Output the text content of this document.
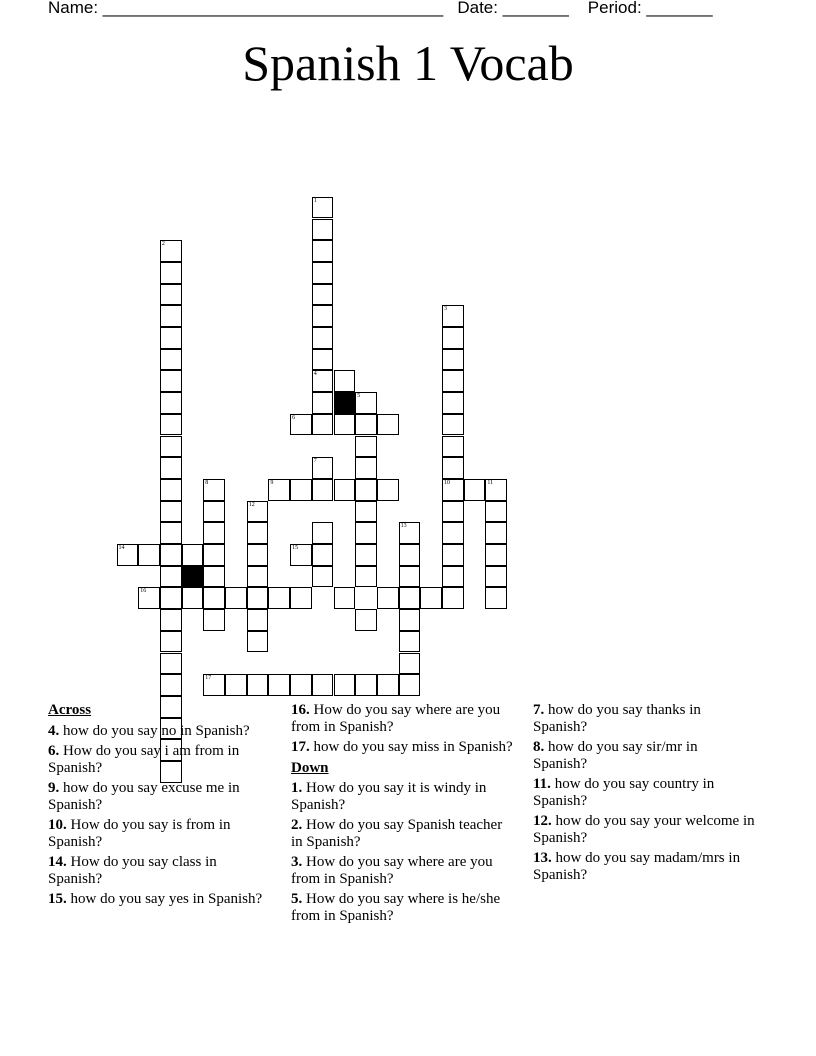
Name: ____________________________________ Date: _______ Period: _______
Spanish 1 Vocab
1
4
5
6
2
3
7
9	10	11
8
12
13
14	15
16
17
Across
4. how do you say no in Spanish?
6. How do you say i am from in Spanish?
9. how do you say excuse me in Spanish?
10. How do you say is from in Spanish?
14. How do you say class in Spanish?
15. how do you say yes in Spanish?
16. How do you say where are you from in Spanish?
17. how do you say miss in Spanish?
Down
1. How do you say it is windy in Spanish?
2. How do you say Spanish teacher in Spanish?
3. How do you say where are you from in Spanish?
5. How do you say where is he/she from in Spanish?
7. how do you say thanks in Spanish?
8. how do you say sir/mr in Spanish?
11. how do you say country in Spanish?
12. how do you say your welcome in Spanish?
13. how do you say madam/mrs in Spanish?
